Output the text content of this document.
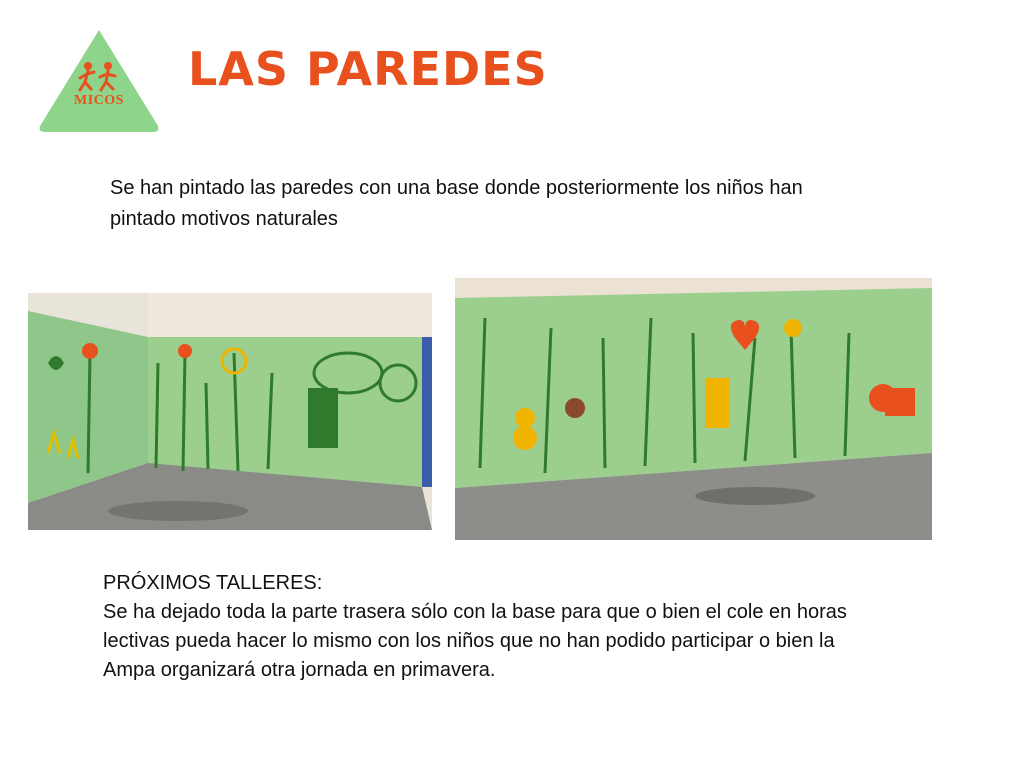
MICOS
LAS PAREDES

Se han pintado las paredes con una base donde posteriormente los niños han pintado motivos naturales

PRÓXIMOS TALLERES:

Se ha dejado toda la parte trasera sólo con la base para que o bien el cole en horas lectivas pueda hacer lo mismo con los niños que no han podido participar o bien la Ampa organizará otra jornada en primavera.
